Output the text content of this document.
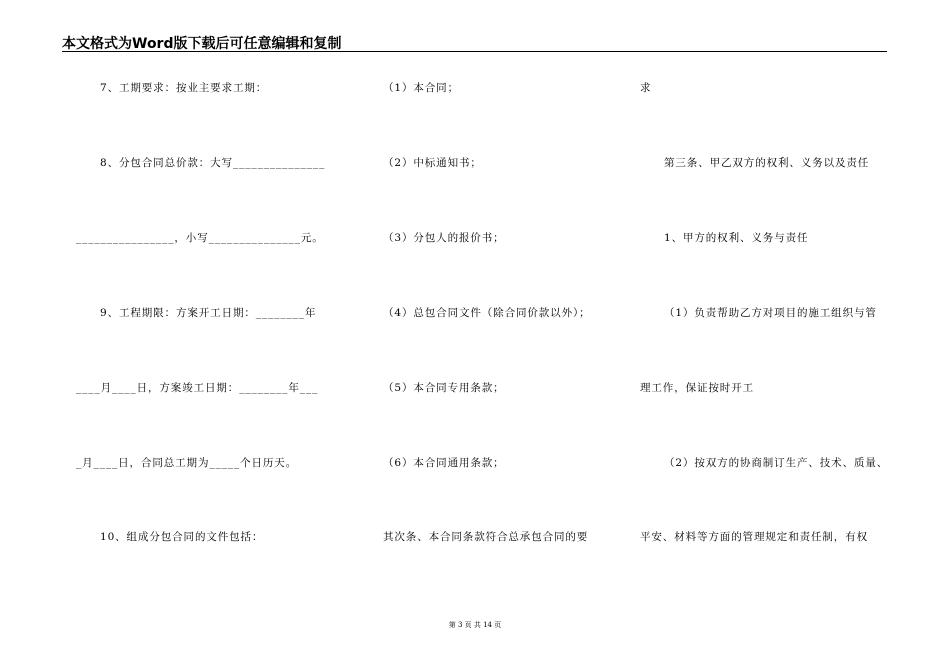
本文格式为Word版下载后可任意编辑和复制
7、工期要求：按业主要求工期：
8、分包合同总价款：大写_______________
________________，小写_______________元。
9、工程期限：方案开工日期：________年
____月____日，方案竣工日期：________年___
_月____日，合同总工期为_____个日历天。
10、组成分包合同的文件包括：
（1）本合同；
（2）中标通知书；
（3）分包人的报价书；
（4）总包合同文件（除合同价款以外）；
（5）本合同专用条款；
（6）本合同通用条款；
其次条、本合同条款符合总承包合同的要
求
第三条、甲乙双方的权利、义务以及责任
1、甲方的权利、义务与责任
（1）负责帮助乙方对项目的施工组织与管
理工作，保证按时开工
（2）按双方的协商制订生产、技术、质量、
平安、材料等方面的管理规定和责任制，有权
第 3 页 共 14 页
